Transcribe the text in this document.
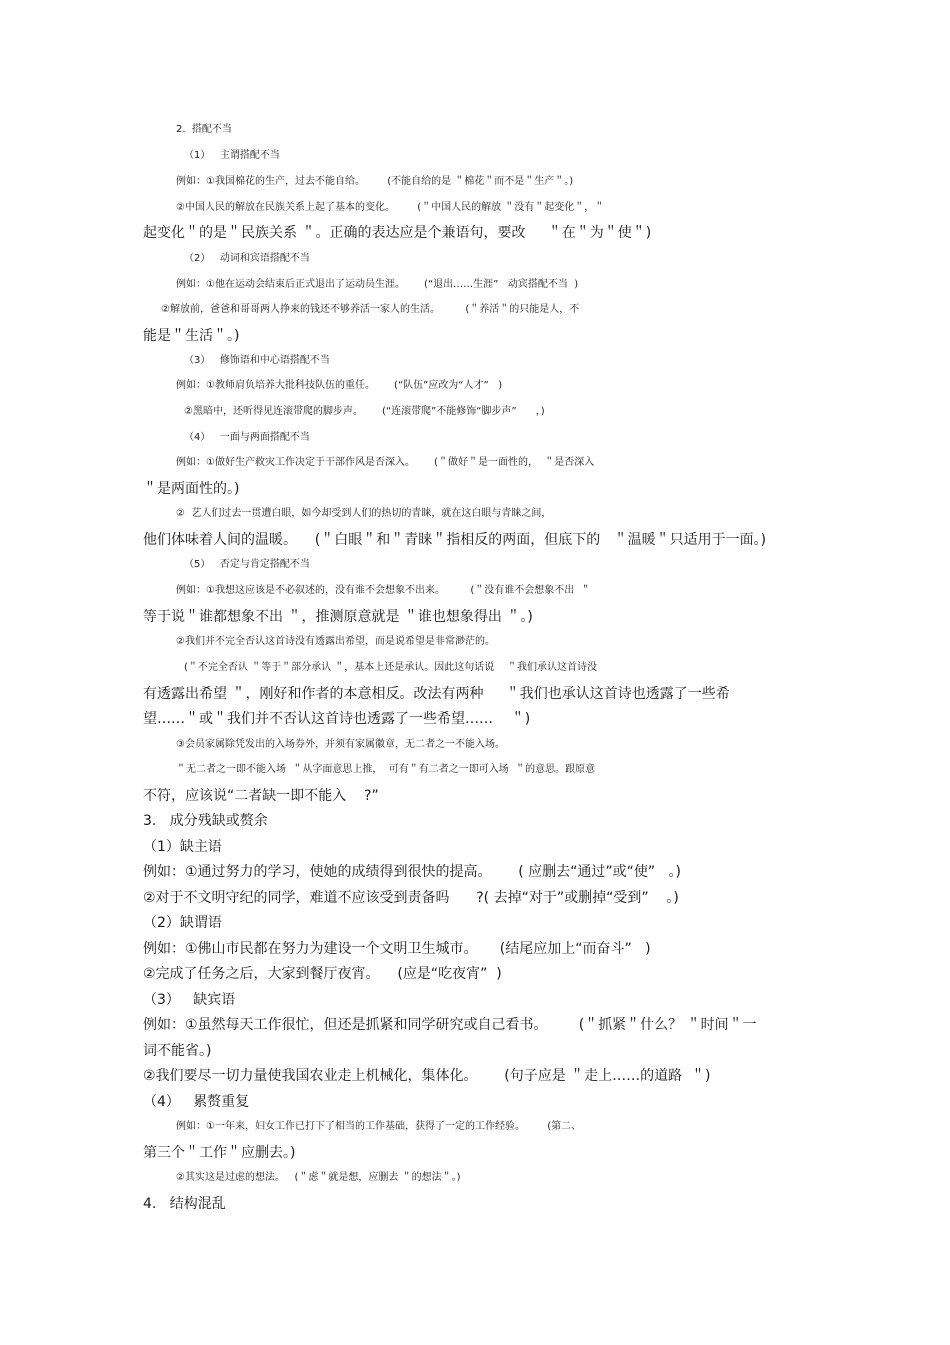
2.  搭配不当
（1）   主谓搭配不当
例如：①我国棉花的生产，过去不能自给。       (不能自给的是 ＂棉花＂而不是＂生产＂。)
②中国人民的解放在民族关系上起了基本的变化。       (＂中国人民的解放 ＂没有＂起变化＂，＂
起变化＂的是＂民族关系 ＂。正确的表达应是个兼语句，要改     ＂在＂为＂使＂)
（2）   动词和宾语搭配不当
例如：①他在运动会结束后正式退出了运动员生涯。      (“退出……生涯”   动宾搭配不当  )
②解放前，爸爸和哥哥两人挣来的钱还不够养活一家人的生活。        (＂养活＂的只能是人，不
能是＂生活＂。)
（3）   修饰语和中心语搭配不当
例如：①教师肩负培养大批科技队伍的重任。      (“队伍”应改为“人才”   )
②黑暗中，还听得见连滚带爬的脚步声。      (“连滚带爬”不能修饰“脚步声”      ，)
（4）   一面与两面搭配不当
例如：①做好生产救灾工作决定于干部作风是否深入。      (＂做好＂是一面性的，  ＂是否深入
＂是两面性的。)
②  艺人们过去一贯遭白眼，如今却受到人们的热切的青睐，就在这白眼与青睐之间，
他们体味着人间的温暖。    (＂白眼＂和＂青睐＂指相反的两面，但底下的   ＂温暖＂只适用于一面。)
（5）   否定与肯定搭配不当
例如：①我想这应该是不必叙述的，没有谁不会想象不出来。        (＂没有谁不会想象不出  ＂
等于说＂谁都想象不出 ＂，推测原意就是 ＂谁也想象得出 ＂。)
②我们并不完全否认这首诗没有透露出希望，而是说希望是非常渺茫的。
(＂不完全否认 ＂等于＂部分承认 ＂，基本上还是承认。因此这句话说    ＂我们承认这首诗没
有透露出希望 ＂，刚好和作者的本意相反。改法有两种     ＂我们也承认这首诗也透露了一些希
望……＂或＂我们并不否认这首诗也透露了一些希望……    ＂)
③会员家属除凭发出的入场券外，并须有家属徽章，无二者之一不能入场。
＂无二者之一即不能入场  ＂从字面意思上推，  可有＂有二者之一即可入场  ＂的意思。跟原意
不符，应该说“二者缺一即不能入    ?”
3.   成分残缺或赘余
（1）缺主语
例如：①通过努力的学习，使她的成绩得到很快的提高。      ( 应删去“通过”或“使”   。)
②对于不文明守纪的同学，难道不应该受到责备吗      ?( 去掉“对于”或删掉“受到”    。)
（2）缺谓语
例如：①佛山市民都在努力为建设一个文明卫生城市。     (结尾应加上“而奋斗”   )
②完成了任务之后，大家到餐厅夜宵。    (应是“吃夜宵”  )
（3）   缺宾语
例如：①虽然每天工作很忙，但还是抓紧和同学研究或自己看书。       (＂抓紧＂什么？ ＂时间＂一
词不能省。)
②我们要尽一切力量使我国农业走上机械化，集体化。      (句子应是 ＂走上……的道路  ＂)
（4）   累赘重复
例如：①一年来，妇女工作已打下了相当的工作基础，获得了一定的工作经验。       (第二、
第三个＂工作＂应删去。)
②其实这是过虑的想法。   (＂虑＂就是想，应删去 ＂的想法＂。)
4.   结构混乱
